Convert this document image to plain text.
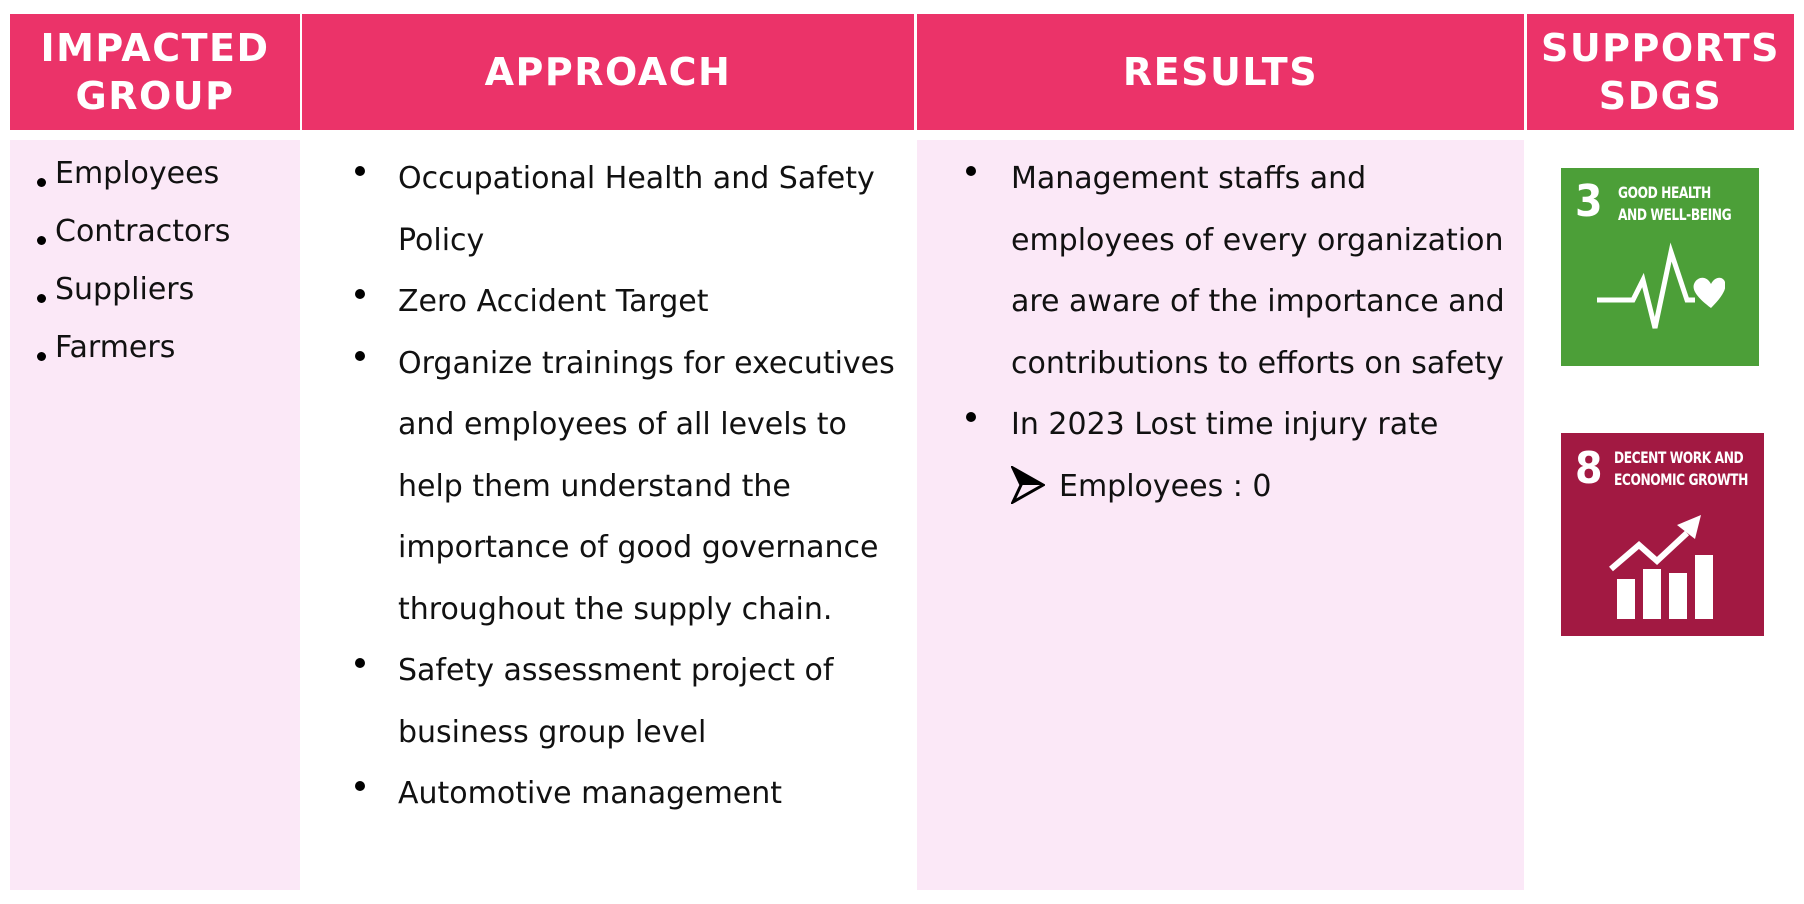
IMPACTED
GROUP
APPROACH	RESULTS
SUPPORTS
SDGS
Employees
Contractors
Suppliers
Farmers
Occupational Health and Safety
Policy
Zero Accident Target
Organize trainings for executives
and employees of all levels to
help them understand the
importance of good governance
throughout the supply chain.
Safety assessment project of
business group level
Automotive management
Management staffs and
employees of every organization
are aware of the importance and
contributions to efforts on safety
In 2023 Lost time injury rate
Employees : 0
3 GOOD HEALTH
AND WELL-BEING
8 DECENT WORK AND
ECONOMIC GROWTH
